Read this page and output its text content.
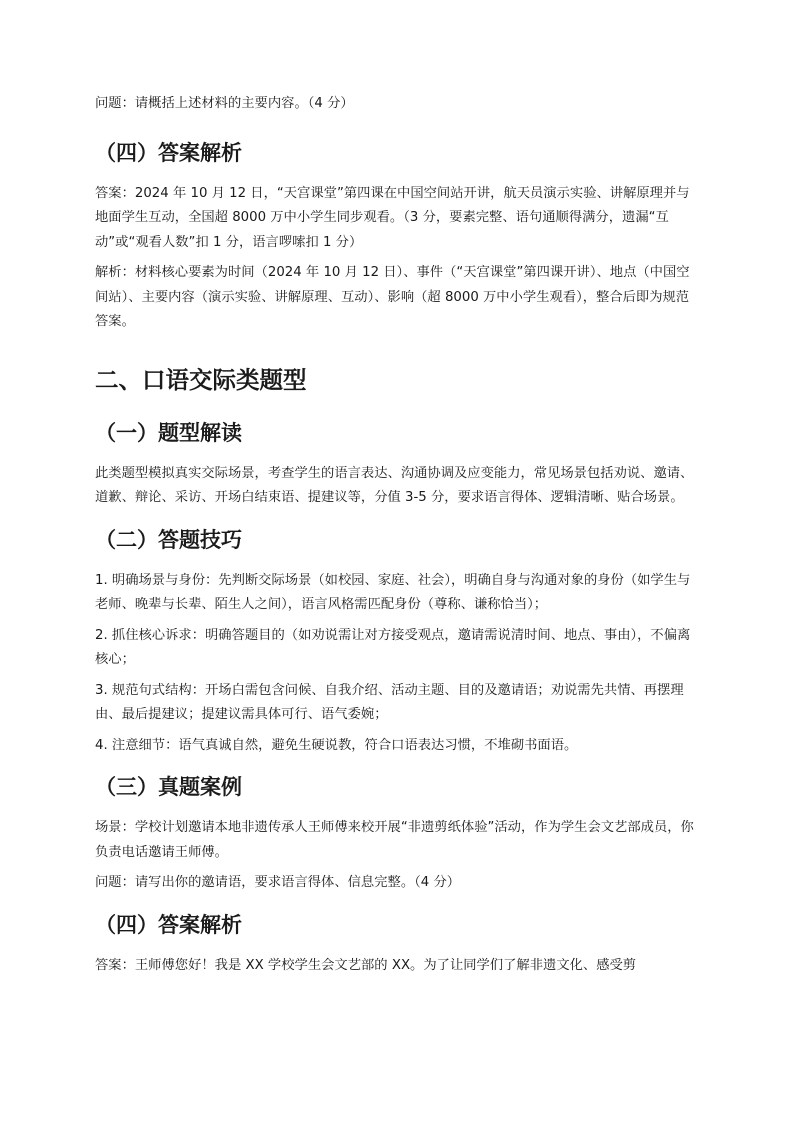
问题：请概括上述材料的主要内容。（4 分）

（四）答案解析

答案：2024 年 10 月 12 日，“天宫课堂”第四课在中国空间站开讲，航天员演示实验、讲解原理并与地面学生互动，全国超 8000 万中小学生同步观看。（3 分，要素完整、语句通顺得满分，遗漏“互动”或“观看人数”扣 1 分，语言啰嗦扣 1 分）

解析：材料核心要素为时间（2024 年 10 月 12 日）、事件（“天宫课堂”第四课开讲）、地点（中国空间站）、主要内容（演示实验、讲解原理、互动）、影响（超 8000 万中小学生观看），整合后即为规范答案。

二、口语交际类题型
（一）题型解读

此类题型模拟真实交际场景，考查学生的语言表达、沟通协调及应变能力，常见场景包括劝说、邀请、道歉、辩论、采访、开场白结束语、提建议等，分值 3-5 分，要求语言得体、逻辑清晰、贴合场景。

（二）答题技巧

1. 明确场景与身份：先判断交际场景（如校园、家庭、社会），明确自身与沟通对象的身份（如学生与老师、晚辈与长辈、陌生人之间），语言风格需匹配身份（尊称、谦称恰当）；

2. 抓住核心诉求：明确答题目的（如劝说需让对方接受观点，邀请需说清时间、地点、事由），不偏离核心；

3. 规范句式结构：开场白需包含问候、自我介绍、活动主题、目的及邀请语；劝说需先共情、再摆理由、最后提建议；提建议需具体可行、语气委婉；

4. 注意细节：语气真诚自然，避免生硬说教，符合口语表达习惯，不堆砌书面语。

（三）真题案例

场景：学校计划邀请本地非遗传承人王师傅来校开展“非遗剪纸体验”活动，作为学生会文艺部成员，你负责电话邀请王师傅。

问题：请写出你的邀请语，要求语言得体、信息完整。（4 分）

（四）答案解析

答案：王师傅您好！我是 XX 学校学生会文艺部的 XX。为了让同学们了解非遗文化、感受剪
